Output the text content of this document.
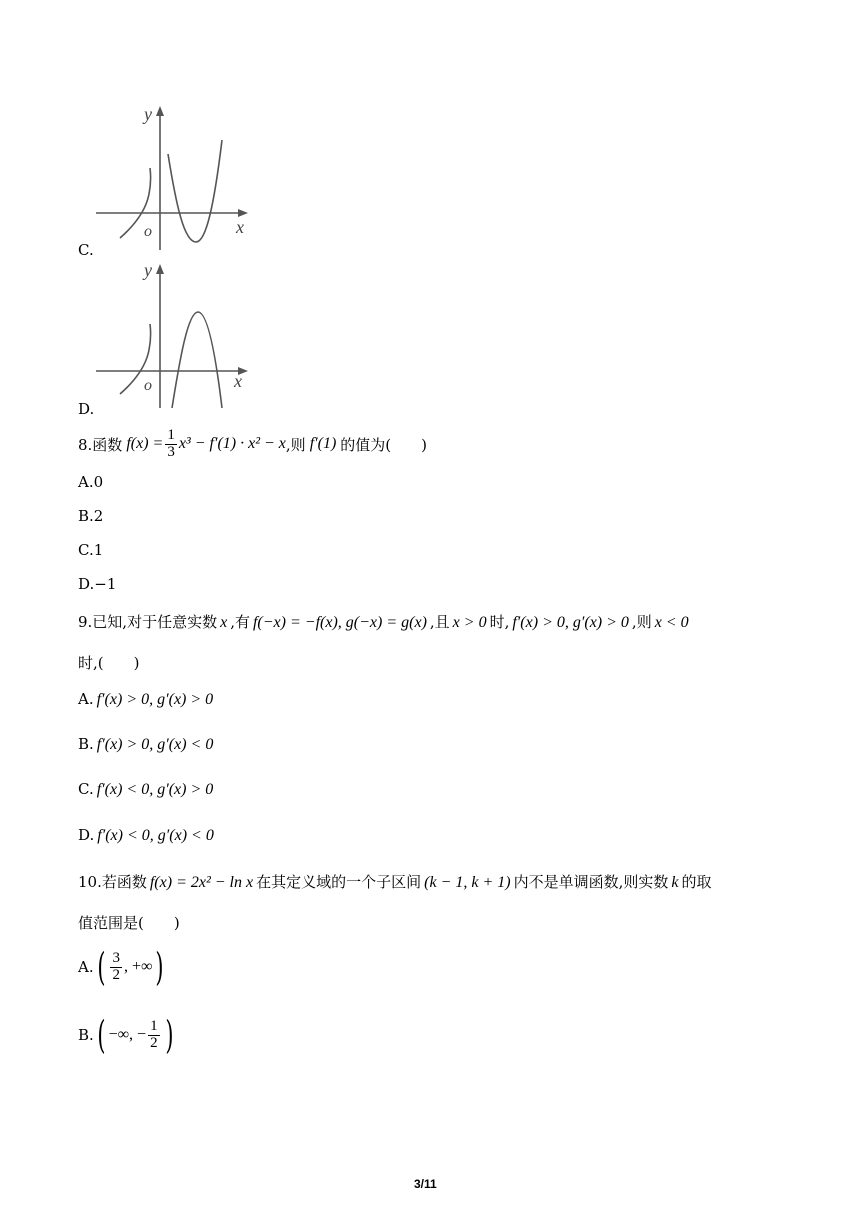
y
x
o
C.
y
x
o
D.
8.函数 $f(x) = \frac{1}{3} x^3 - f'(1) \cdot x^2 - x$ ,则 f′(1) 的值为(　　)
A.0
B.2
C.1
D.−1
9.已知,对于任意实数 x ,有 f(−x) = −f(x), g(−x) = g(x) ,且 x > 0 时, f′(x) > 0, g′(x) > 0 ,则 x < 0
时,(　　)
A. f′(x) > 0, g′(x) > 0
B. f′(x) > 0, g′(x) < 0
C. f′(x) < 0, g′(x) > 0
D. f′(x) < 0, g′(x) < 0
10.若函数 f(x) = 2x² − ln x 在其定义域的一个子区间 (k − 1, k + 1) 内不是单调函数,则实数 k 的取
值范围是(　　)
A. ( $\frac{3}{2}$ , +∞ )
B. ( −∞, − $\frac{1}{2}$ )
3/11
